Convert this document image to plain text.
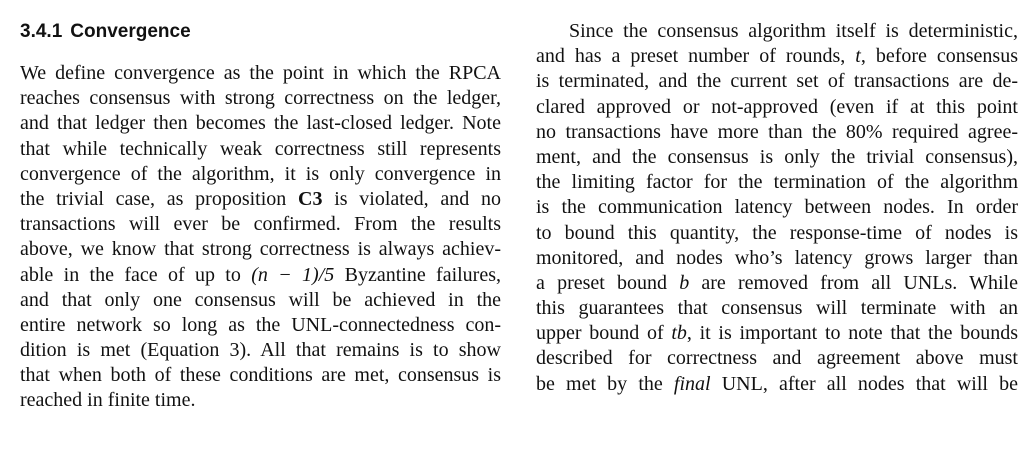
3.4.1 Convergence
We define convergence as the point in which the RPCA
reaches consensus with strong correctness on the ledger,
and that ledger then becomes the last-closed ledger. Note
that while technically weak correctness still represents
convergence of the algorithm, it is only convergence in
the trivial case, as proposition C3 is violated, and no
transactions will ever be confirmed. From the results
above, we know that strong correctness is always achiev-
able in the face of up to (n − 1)/5 Byzantine failures,
and that only one consensus will be achieved in the
entire network so long as the UNL-connectedness con-
dition is met (Equation 3). All that remains is to show
that when both of these conditions are met, consensus is
reached in finite time.
Since the consensus algorithm itself is deterministic,
and has a preset number of rounds, t, before consensus
is terminated, and the current set of transactions are de-
clared approved or not-approved (even if at this point
no transactions have more than the 80% required agree-
ment, and the consensus is only the trivial consensus),
the limiting factor for the termination of the algorithm
is the communication latency between nodes. In order
to bound this quantity, the response-time of nodes is
monitored, and nodes who’s latency grows larger than
a preset bound b are removed from all UNLs. While
this guarantees that consensus will terminate with an
upper bound of tb, it is important to note that the bounds
described for correctness and agreement above must
be met by the final UNL, after all nodes that will be
